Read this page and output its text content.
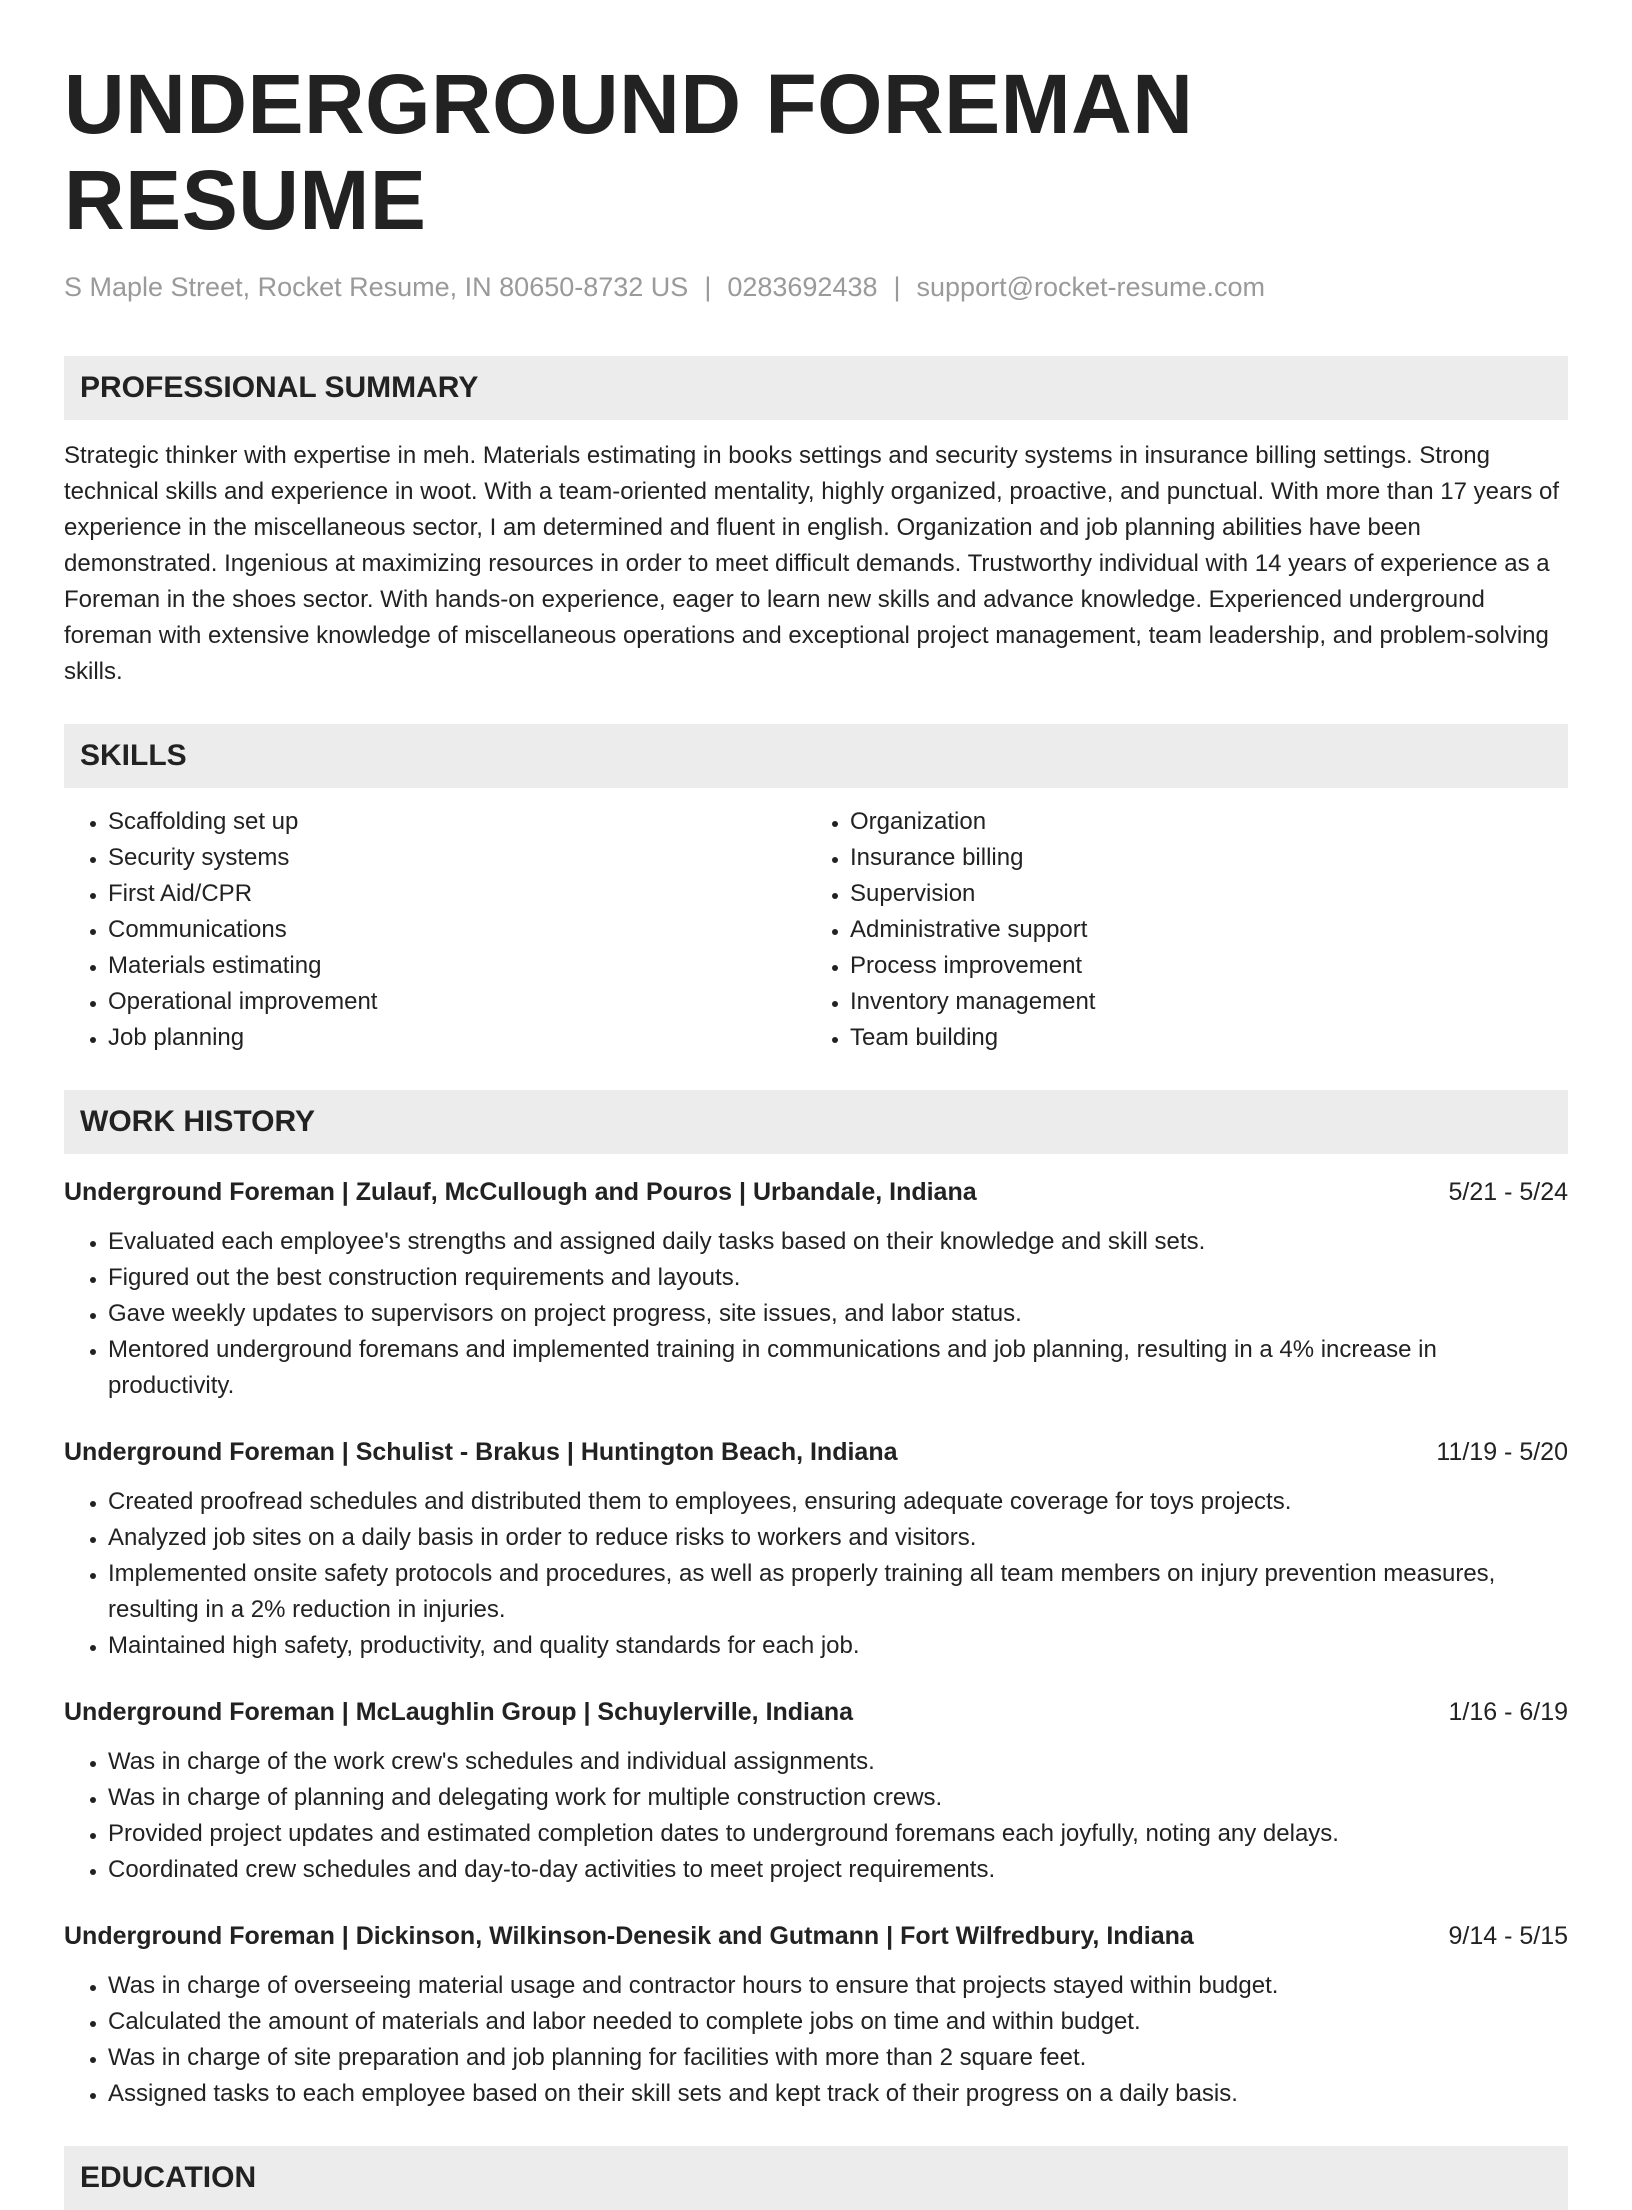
UNDERGROUND FOREMAN RESUME
S Maple Street, Rocket Resume, IN 80650-8732 US | 0283692438 | support@rocket-resume.com
PROFESSIONAL SUMMARY
Strategic thinker with expertise in meh. Materials estimating in books settings and security systems in insurance billing settings. Strong technical skills and experience in woot. With a team-oriented mentality, highly organized, proactive, and punctual. With more than 17 years of experience in the miscellaneous sector, I am determined and fluent in english. Organization and job planning abilities have been demonstrated. Ingenious at maximizing resources in order to meet difficult demands. Trustworthy individual with 14 years of experience as a Foreman in the shoes sector. With hands-on experience, eager to learn new skills and advance knowledge. Experienced underground foreman with extensive knowledge of miscellaneous operations and exceptional project management, team leadership, and problem-solving skills.
SKILLS
• Scaffolding set up
• Security systems
• First Aid/CPR
• Communications
• Materials estimating
• Operational improvement
• Job planning
• Organization
• Insurance billing
• Supervision
• Administrative support
• Process improvement
• Inventory management
• Team building
WORK HISTORY
Underground Foreman | Zulauf, McCullough and Pouros | Urbandale, Indiana	5/21 - 5/24
• Evaluated each employee's strengths and assigned daily tasks based on their knowledge and skill sets.
• Figured out the best construction requirements and layouts.
• Gave weekly updates to supervisors on project progress, site issues, and labor status.
• Mentored underground foremans and implemented training in communications and job planning, resulting in a 4% increase in productivity.
Underground Foreman | Schulist - Brakus | Huntington Beach, Indiana	11/19 - 5/20
• Created proofread schedules and distributed them to employees, ensuring adequate coverage for toys projects.
• Analyzed job sites on a daily basis in order to reduce risks to workers and visitors.
• Implemented onsite safety protocols and procedures, as well as properly training all team members on injury prevention measures, resulting in a 2% reduction in injuries.
• Maintained high safety, productivity, and quality standards for each job.
Underground Foreman | McLaughlin Group | Schuylerville, Indiana	1/16 - 6/19
• Was in charge of the work crew's schedules and individual assignments.
• Was in charge of planning and delegating work for multiple construction crews.
• Provided project updates and estimated completion dates to underground foremans each joyfully, noting any delays.
• Coordinated crew schedules and day-to-day activities to meet project requirements.
Underground Foreman | Dickinson, Wilkinson-Denesik and Gutmann | Fort Wilfredbury, Indiana	9/14 - 5/15
• Was in charge of overseeing material usage and contractor hours to ensure that projects stayed within budget.
• Calculated the amount of materials and labor needed to complete jobs on time and within budget.
• Was in charge of site preparation and job planning for facilities with more than 2 square feet.
• Assigned tasks to each employee based on their skill sets and kept track of their progress on a daily basis.
EDUCATION
